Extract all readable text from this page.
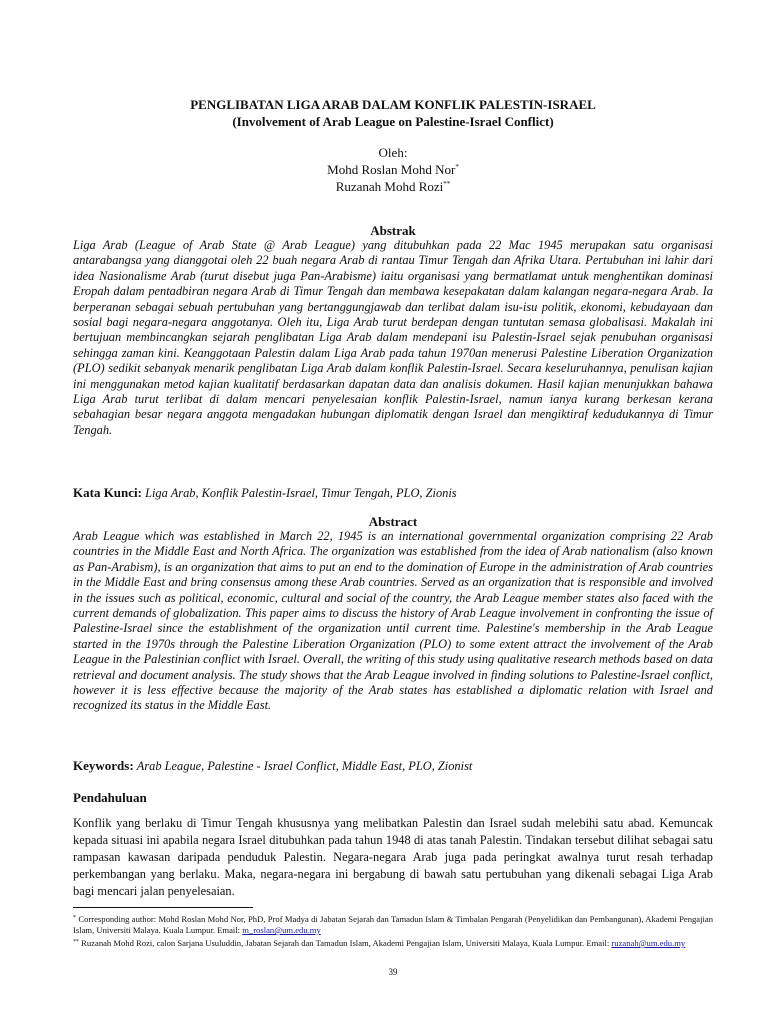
PENGLIBATAN LIGA ARAB DALAM KONFLIK PALESTIN-ISRAEL
(Involvement of Arab League on Palestine-Israel Conflict)
Oleh:
Mohd Roslan Mohd Nor*
Ruzanah Mohd Rozi**
Abstrak
Liga Arab (League of Arab State @ Arab League) yang ditubuhkan pada 22 Mac 1945 merupakan satu organisasi antarabangsa yang dianggotai oleh 22 buah negara Arab di rantau Timur Tengah dan Afrika Utara. Pertubuhan ini lahir dari idea Nasionalisme Arab (turut disebut juga Pan-Arabisme) iaitu organisasi yang bermatlamat untuk menghentikan dominasi Eropah dalam pentadbiran negara Arab di Timur Tengah dan membawa kesepakatan dalam kalangan negara-negara Arab. Ia berperanan sebagai sebuah pertubuhan yang bertanggungjawab dan terlibat dalam isu-isu politik, ekonomi, kebudayaan dan sosial bagi negara-negara anggotanya. Oleh itu, Liga Arab turut berdepan dengan tuntutan semasa globalisasi. Makalah ini bertujuan membincangkan sejarah penglibatan Liga Arab dalam mendepani isu Palestin-Israel sejak penubuhan organisasi sehingga zaman kini. Keanggotaan Palestin dalam Liga Arab pada tahun 1970an menerusi Palestine Liberation Organization (PLO) sedikit sebanyak menarik penglibatan Liga Arab dalam konflik Palestin-Israel. Secara keseluruhannya, penulisan kajian ini menggunakan metod kajian kualitatif berdasarkan dapatan data dan analisis dokumen. Hasil kajian menunjukkan bahawa Liga Arab turut terlibat di dalam mencari penyelesaian konflik Palestin-Israel, namun ianya kurang berkesan kerana sebahagian besar negara anggota mengadakan hubungan diplomatik dengan Israel dan mengiktiraf kedudukannya di Timur Tengah.
Kata Kunci: Liga Arab, Konflik Palestin-Israel, Timur Tengah, PLO, Zionis
Abstract
Arab League which was established in March 22, 1945 is an international governmental organization comprising 22 Arab countries in the Middle East and North Africa. The organization was established from the idea of Arab nationalism (also known as Pan-Arabism), is an organization that aims to put an end to the domination of Europe in the administration of Arab countries in the Middle East and bring consensus among these Arab countries. Served as an organization that is responsible and involved in the issues such as political, economic, cultural and social of the country, the Arab League member states also faced with the current demands of globalization. This paper aims to discuss the history of Arab League involvement in confronting the issue of Palestine-Israel since the establishment of the organization until current time. Palestine's membership in the Arab League started in the 1970s through the Palestine Liberation Organization (PLO) to some extent attract the involvement of the Arab League in the Palestinian conflict with Israel. Overall, the writing of this study using qualitative research methods based on data retrieval and document analysis. The study shows that the Arab League involved in finding solutions to Palestine-Israel conflict, however it is less effective because the majority of the Arab states has established a diplomatic relation with Israel and recognized its status in the Middle East.
Keywords: Arab League, Palestine - Israel Conflict, Middle East, PLO, Zionist
Pendahuluan
Konflik yang berlaku di Timur Tengah khususnya yang melibatkan Palestin dan Israel sudah melebihi satu abad. Kemuncak kepada situasi ini apabila negara Israel ditubuhkan pada tahun 1948 di atas tanah Palestin. Tindakan tersebut dilihat sebagai satu rampasan kawasan daripada penduduk Palestin. Negara-negara Arab juga pada peringkat awalnya turut resah terhadap perkembangan yang berlaku. Maka, negara-negara ini bergabung di bawah satu pertubuhan yang dikenali sebagai Liga Arab bagi mencari jalan penyelesaian.
* Corresponding author: Mohd Roslan Mohd Nor, PhD, Prof Madya di Jabatan Sejarah dan Tamadun Islam & Timbalan Pengarah (Penyelidikan dan Pembangunan), Akademi Pengajian Islam, Universiti Malaya. Kuala Lumpur. Email: m_roslan@um.edu.my
** Ruzanah Mohd Rozi, calon Sarjana Usuluddin, Jabatan Sejarah dan Tamadun Islam, Akademi Pengajian Islam, Universiti Malaya, Kuala Lumpur. Email: ruzanah@um.edu.my
39
